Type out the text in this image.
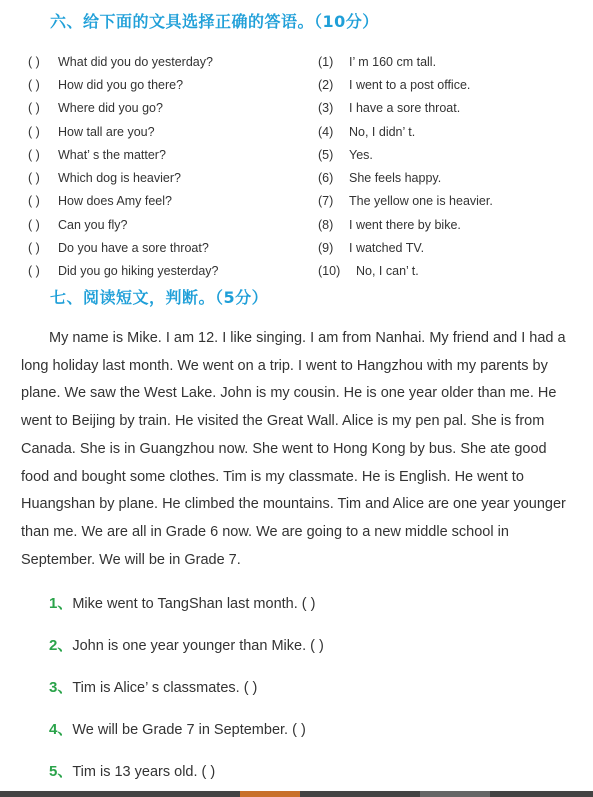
六、给下面的文具选择正确的答语。（10分）
( )	What did you do yesterday?	(1)	I’ m 160 cm tall.
( )	How did you go there?	(2)	I went to a post office.
( )	Where did you go?	(3)	I have a sore throat.
( )	How tall are you?	(4)	No, I didn’ t.
( )	What’ s the matter?	(5)	Yes.
( )	Which dog is heavier?	(6)	She feels happy.
( )	How does Amy feel?	(7)	The yellow one is heavier.
( )	Can you fly?	(8)	I went there by bike.
( )	Do you have a sore throat?	(9)	I watched TV.
( )	Did you go hiking yesterday?	(10)	No, I can’ t.
七、阅读短文，判断。（5分）

My name is Mike. I am 12. I like singing. I am from Nanhai. My friend and I had a long holiday last month. We went on a trip. I went to Hangzhou with my parents by plane. We saw the West Lake. John is my cousin. He is one year older than me. He went to Beijing by train. He visited the Great Wall. Alice is my pen pal. She is from Canada. She is in Guangzhou now. She went to Hong Kong by bus. She ate good food and bought some clothes. Tim is my classmate. He is English. He went to Huangshan by plane. He climbed the mountains. Tim and Alice are one year younger than me. We are all in Grade 6 now. We are going to a new middle school in September. We will be in Grade 7.

1、Mike went to TangShan last month. ( )
2、John is one year younger than Mike. ( )
3、Tim is Alice’ s classmates. ( )
4、We will be Grade 7 in September. ( )
5、Tim is 13 years old. ( )
